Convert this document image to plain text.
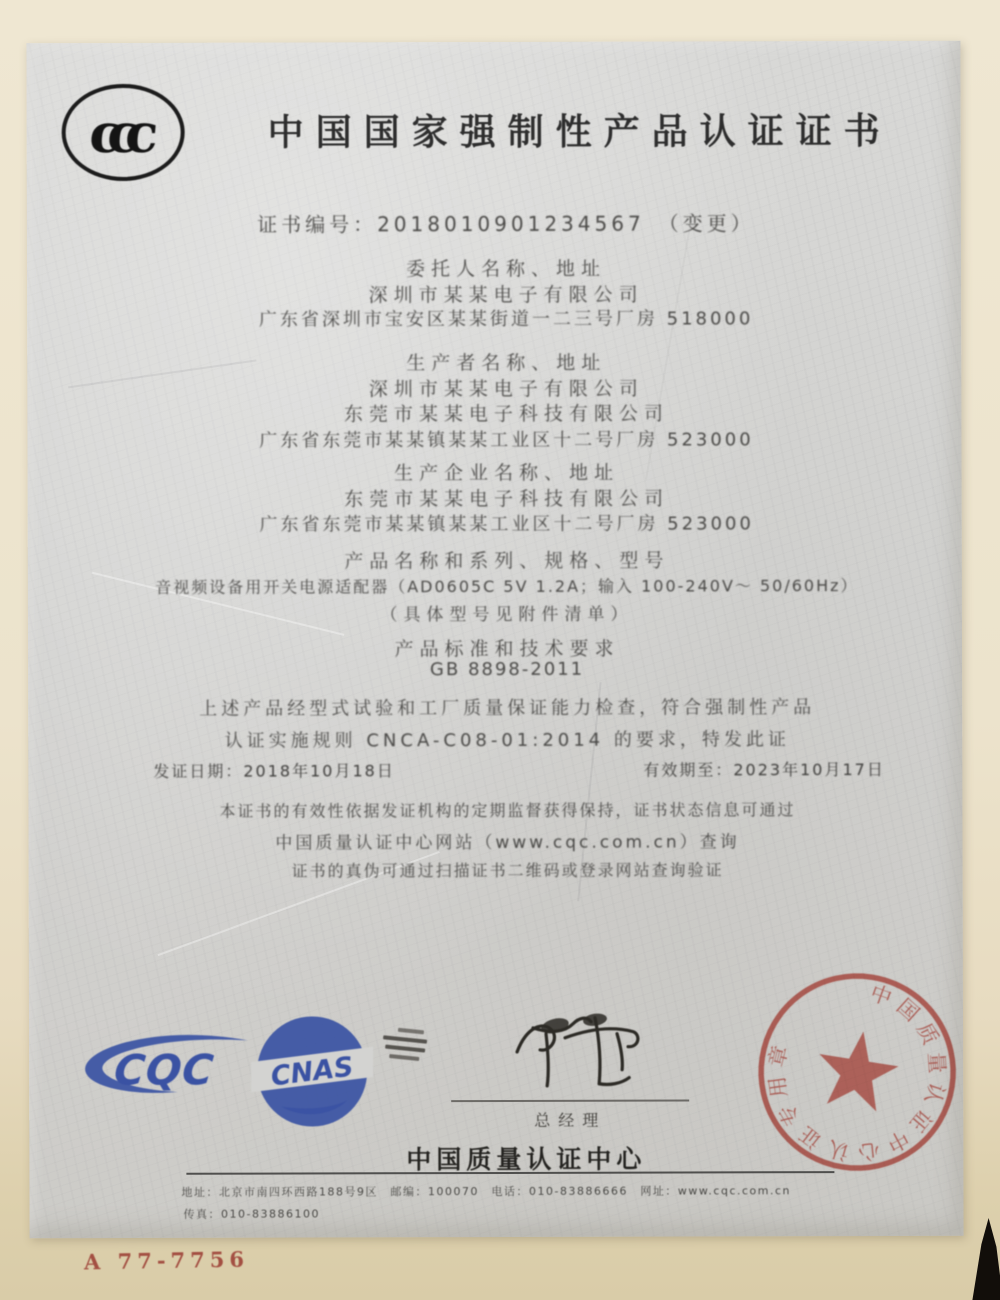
ccc	中国国家强制性产品认证证书
证书编号：2018010901234567　（变更）
委托人名称、地址
深圳市某某电子有限公司
广东省深圳市宝安区某某街道一二三号厂房 518000
生产者名称、地址
深圳市某某电子有限公司
东莞市某某电子科技有限公司
广东省东莞市某某镇某某工业区十二号厂房 523000
生产企业名称、地址
东莞市某某电子科技有限公司
广东省东莞市某某镇某某工业区十二号厂房 523000
产品名称和系列、规格、型号
音视频设备用开关电源适配器（AD0605C 5V 1.2A；输入 100-240V～ 50/60Hz）
（具体型号见附件清单）
产品标准和技术要求
GB 8898-2011
上述产品经型式试验和工厂质量保证能力检查，符合强制性产品
认证实施规则 CNCA-C08-01:2014 的要求，特发此证
本证书的有效性依据发证机构的定期监督获得保持，证书状态信息可通过
中国质量认证中心网站（www.cqc.com.cn）查询
证书的真伪可通过扫描证书二维码或登录网站查询验证
发证日期：2018年10月18日	有效期至：2023年10月17日
CQC CNAS
总经理
中国质量认证中心认证专用章
中国质量认证中心
地址：北京市南四环西路188号9区　邮编：100070　电话：010-83886666　网址：www.cqc.com.cn
传真：010-83886100
A 77-7756
